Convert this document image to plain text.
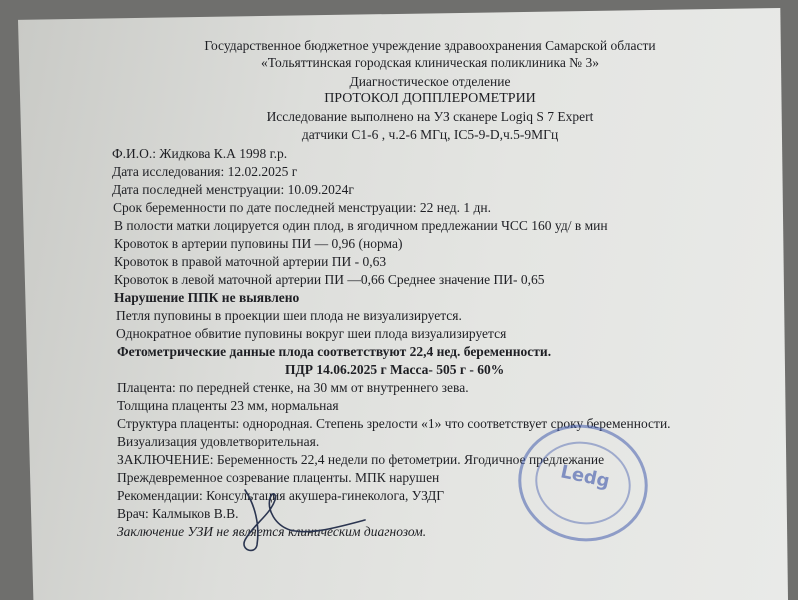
Государственное бюджетное учреждение здравоохранения Самарской области
«Тольяттинская городская клиническая поликлиника № 3»
Диагностическое отделение
ПРОТОКОЛ ДОППЛЕРОМЕТРИИ
Исследование выполнено на УЗ сканере Logiq S 7 Expert
датчики С1-6 , ч.2-6 МГц, IC5-9-D,ч.5-9МГц
Ф.И.О.: Жидкова К.А 1998 г.р.
Дата исследования: 12.02.2025 г
Дата последней менструации: 10.09.2024г
Срок беременности по дате последней менструации: 22 нед. 1 дн.
В полости матки лоцируется один плод, в ягодичном предлежании ЧСС 160 уд/ в мин
Кровоток в артерии пуповины ПИ — 0,96 (норма)
Кровоток в правой маточной артерии ПИ - 0,63
Кровоток в левой маточной артерии ПИ —0,66 Среднее значение ПИ- 0,65
Нарушение ППК не выявлено
Петля пуповины в проекции шеи плода не визуализируется.
Однократное обвитие пуповины вокруг шеи плода визуализируется
Фетометрические данные плода соответствуют 22,4 нед. беременности.
ПДР 14.06.2025 г Масса- 505 г - 60%
Плацента: по передней стенке, на 30 мм от внутреннего зева.
Толщина плаценты 23 мм, нормальная
Структура плаценты: однородная. Степень зрелости «1» что соответствует сроку беременности.
Визуализация удовлетворительная.
ЗАКЛЮЧЕНИЕ: Беременность 22,4 недели по фетометрии. Ягодичное предлежание
Преждевременное созревание плаценты. МПК нарушен
Рекомендации: Консультация акушера-гинеколога, УЗДГ
Врач: Калмыков В.В.
Заключение УЗИ не является клиническим диагнозом.
Ledg
